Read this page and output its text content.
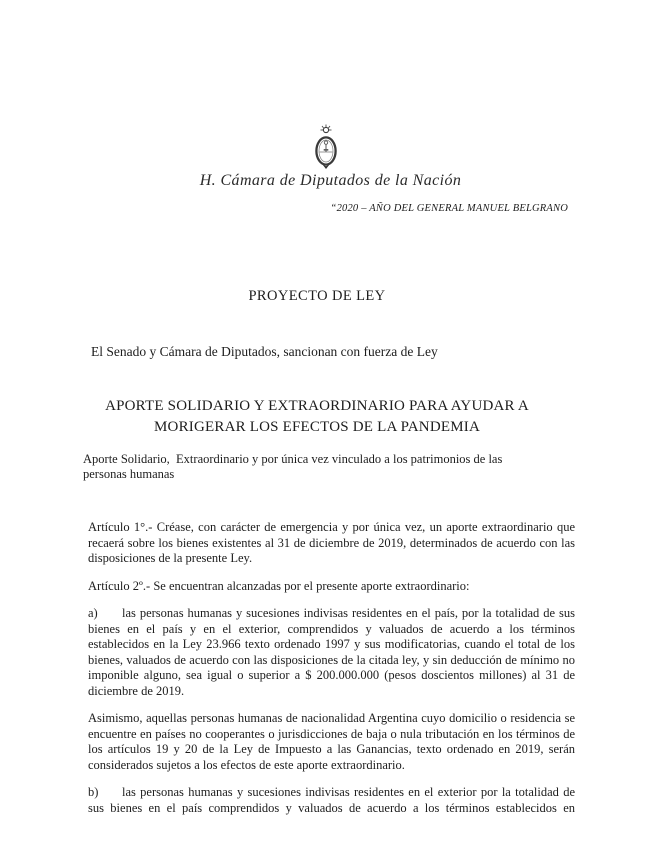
H. Cámara de Diputados de la Nación
“2020 – AÑO DEL GENERAL MANUEL BELGRANO
PROYECTO DE LEY
El Senado y Cámara de Diputados, sancionan con fuerza de Ley
APORTE SOLIDARIO Y EXTRAORDINARIO PARA AYUDAR A
MORIGERAR LOS EFECTOS DE LA PANDEMIA
Aporte Solidario,  Extraordinario y por única vez vinculado a los patrimonios de las personas humanas

Artículo 1°.- Créase, con carácter de emergencia y por única vez, un aporte extraordinario que recaerá sobre los bienes existentes al 31 de diciembre de 2019, determinados de acuerdo con las disposiciones de la presente Ley.

Artículo 2º.- Se encuentran alcanzadas por el presente aporte extraordinario:

a) las personas humanas y sucesiones indivisas residentes en el país, por la totalidad de sus bienes en el país y en el exterior, comprendidos y valuados de acuerdo a los términos establecidos en la Ley 23.966 texto ordenado 1997 y sus modificatorias, cuando el total de los bienes, valuados de acuerdo con las disposiciones de la citada ley, y sin deducción de mínimo no imponible alguno, sea igual o superior a $ 200.000.000 (pesos doscientos millones) al 31 de diciembre de 2019.

Asimismo, aquellas personas humanas de nacionalidad Argentina cuyo domicilio o residencia se encuentre en países no cooperantes o jurisdicciones de baja o nula tributación en los términos de los artículos 19 y 20 de la Ley de Impuesto a las Ganancias, texto ordenado en 2019, serán considerados sujetos a los efectos de este aporte extraordinario.

b) las personas humanas y sucesiones indivisas residentes en el exterior por la totalidad de sus bienes en el país comprendidos y valuados de acuerdo a los términos establecidos en
